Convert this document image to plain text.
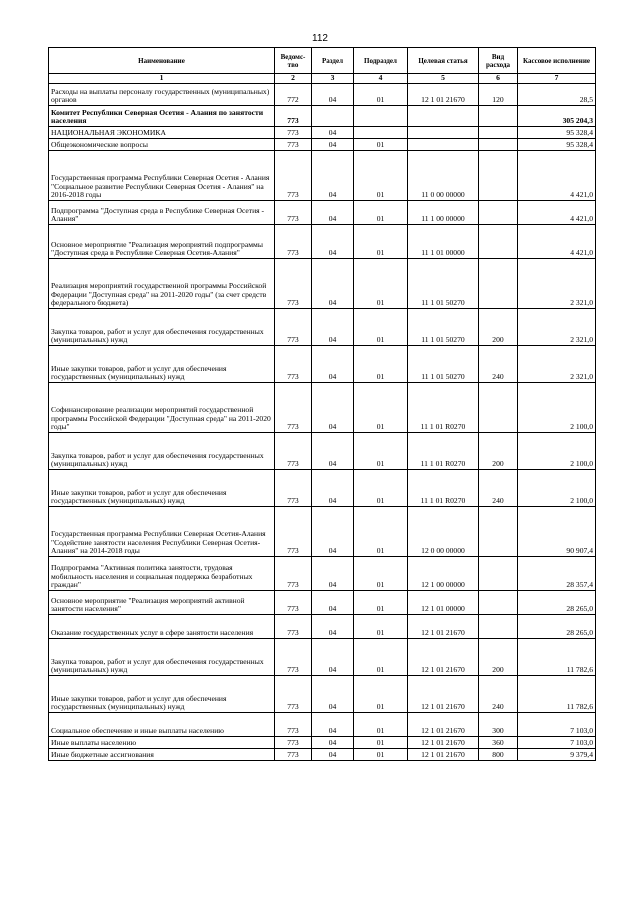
112
Наименование	Ведомс-тво	Раздел	Подраздел	Целевая статья	Вид расхода	Кассовое исполнение
1	2	3	4	5	6	7
Расходы на выплаты персоналу государственных (муниципальных) органов	772	04	01	12 1 01 21670	120	28,5
Комитет Республики Северная Осетия - Алания по занятости населения	773					305 204,3
НАЦИОНАЛЬНАЯ ЭКОНОМИКА	773	04				95 328,4
Общеэкономические вопросы	773	04	01			95 328,4
Государственная программа Республики Северная Осетия - Алания "Социальное развитие Республики Северная Осетия - Алания" на 2016-2018 годы	773	04	01	11 0 00 00000		4 421,0
Подпрограмма "Доступная среда в Республике Северная Осетия - Алания"	773	04	01	11 1 00 00000		4 421,0
Основное мероприятие "Реализация мероприятий подпрограммы "Доступная среда в Республике Северная Осетия-Алания"	773	04	01	11 1 01 00000		4 421,0
Реализация мероприятий государственной программы Российской Федерации "Доступная среда" на 2011-2020 годы" (за счет средств федерального бюджета)	773	04	01	11 1 01 50270		2 321,0
Закупка товаров, работ и услуг для обеспечения государственных (муниципальных) нужд	773	04	01	11 1 01 50270	200	2 321,0
Иные закупки товаров, работ и услуг для обеспечения государственных (муниципальных) нужд	773	04	01	11 1 01 50270	240	2 321,0
Софинансирование реализации мероприятий государственной программы Российской Федерации "Доступная среда" на 2011-2020 годы"	773	04	01	11 1 01 R0270		2 100,0
Закупка товаров, работ и услуг для обеспечения государственных (муниципальных) нужд	773	04	01	11 1 01 R0270	200	2 100,0
Иные закупки товаров, работ и услуг для обеспечения государственных (муниципальных) нужд	773	04	01	11 1 01 R0270	240	2 100,0
Государственная программа Республики Северная Осетия-Алания "Содействие занятости населения Республики Северная Осетия-Алания" на 2014-2018 годы	773	04	01	12 0 00 00000		90 907,4
Подпрограмма "Активная политика занятости, трудовая мобильность населения и социальная поддержка безработных граждан"	773	04	01	12 1 00 00000		28 357,4
Основное мероприятие "Реализация мероприятий активной занятости населения"	773	04	01	12 1 01 00000		28 265,0
Оказание государственных услуг в сфере занятости населения	773	04	01	12 1 01 21670		28 265,0
Закупка товаров, работ и услуг для обеспечения государственных (муниципальных) нужд	773	04	01	12 1 01 21670	200	11 782,6
Иные закупки товаров, работ и услуг для обеспечения государственных (муниципальных) нужд	773	04	01	12 1 01 21670	240	11 782,6
Социальное обеспечение и иные выплаты населению	773	04	01	12 1 01 21670	300	7 103,0
Иные выплаты населению	773	04	01	12 1 01 21670	360	7 103,0
Иные бюджетные ассигнования	773	04	01	12 1 01 21670	800	9 379,4
